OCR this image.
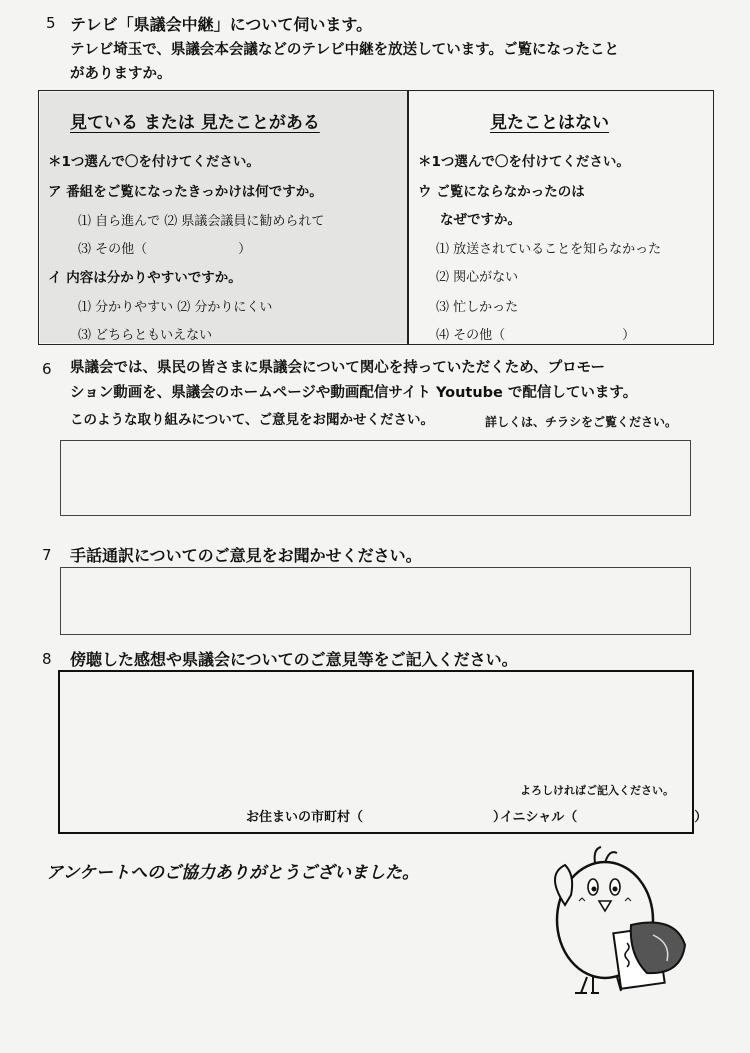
5 テレビ「県議会中継」について伺います。
テレビ埼玉で、県議会本会議などのテレビ中継を放送しています。ご覧になったこと
がありますか。
見ている または 見たことがある
＊1つ選んで〇を付けてください。
ア 番組をご覧になったきっかけは何ですか。
⑴ 自ら進んで ⑵ 県議会議員に勧められて
⑶ その他（　　　　　　　）
イ 内容は分かりやすいですか。
⑴ 分かりやすい ⑵ 分かりにくい
⑶ どちらともいえない
見たことはない
＊1つ選んで〇を付けてください。
ウ ご覧にならなかったのは
なぜですか。
⑴ 放送されていることを知らなかった
⑵ 関心がない
⑶ 忙しかった
⑷ その他（　　　　　　　　　）
6 県議会では、県民の皆さまに県議会について関心を持っていただくため、プロモー
ション動画を、県議会のホームページや動画配信サイト Youtube で配信しています。
このような取り組みについて、ご意見をお聞かせください。	詳しくは、チラシをご覧ください。
7 手話通訳についてのご意見をお聞かせください。
8 傍聴した感想や県議会についてのご意見等をご記入ください。
よろしければご記入ください。
お住まいの市町村（　　　　　　　　　　）
イニシャル（　　　　　　　　　）
アンケートへのご協力ありがとうございました。
